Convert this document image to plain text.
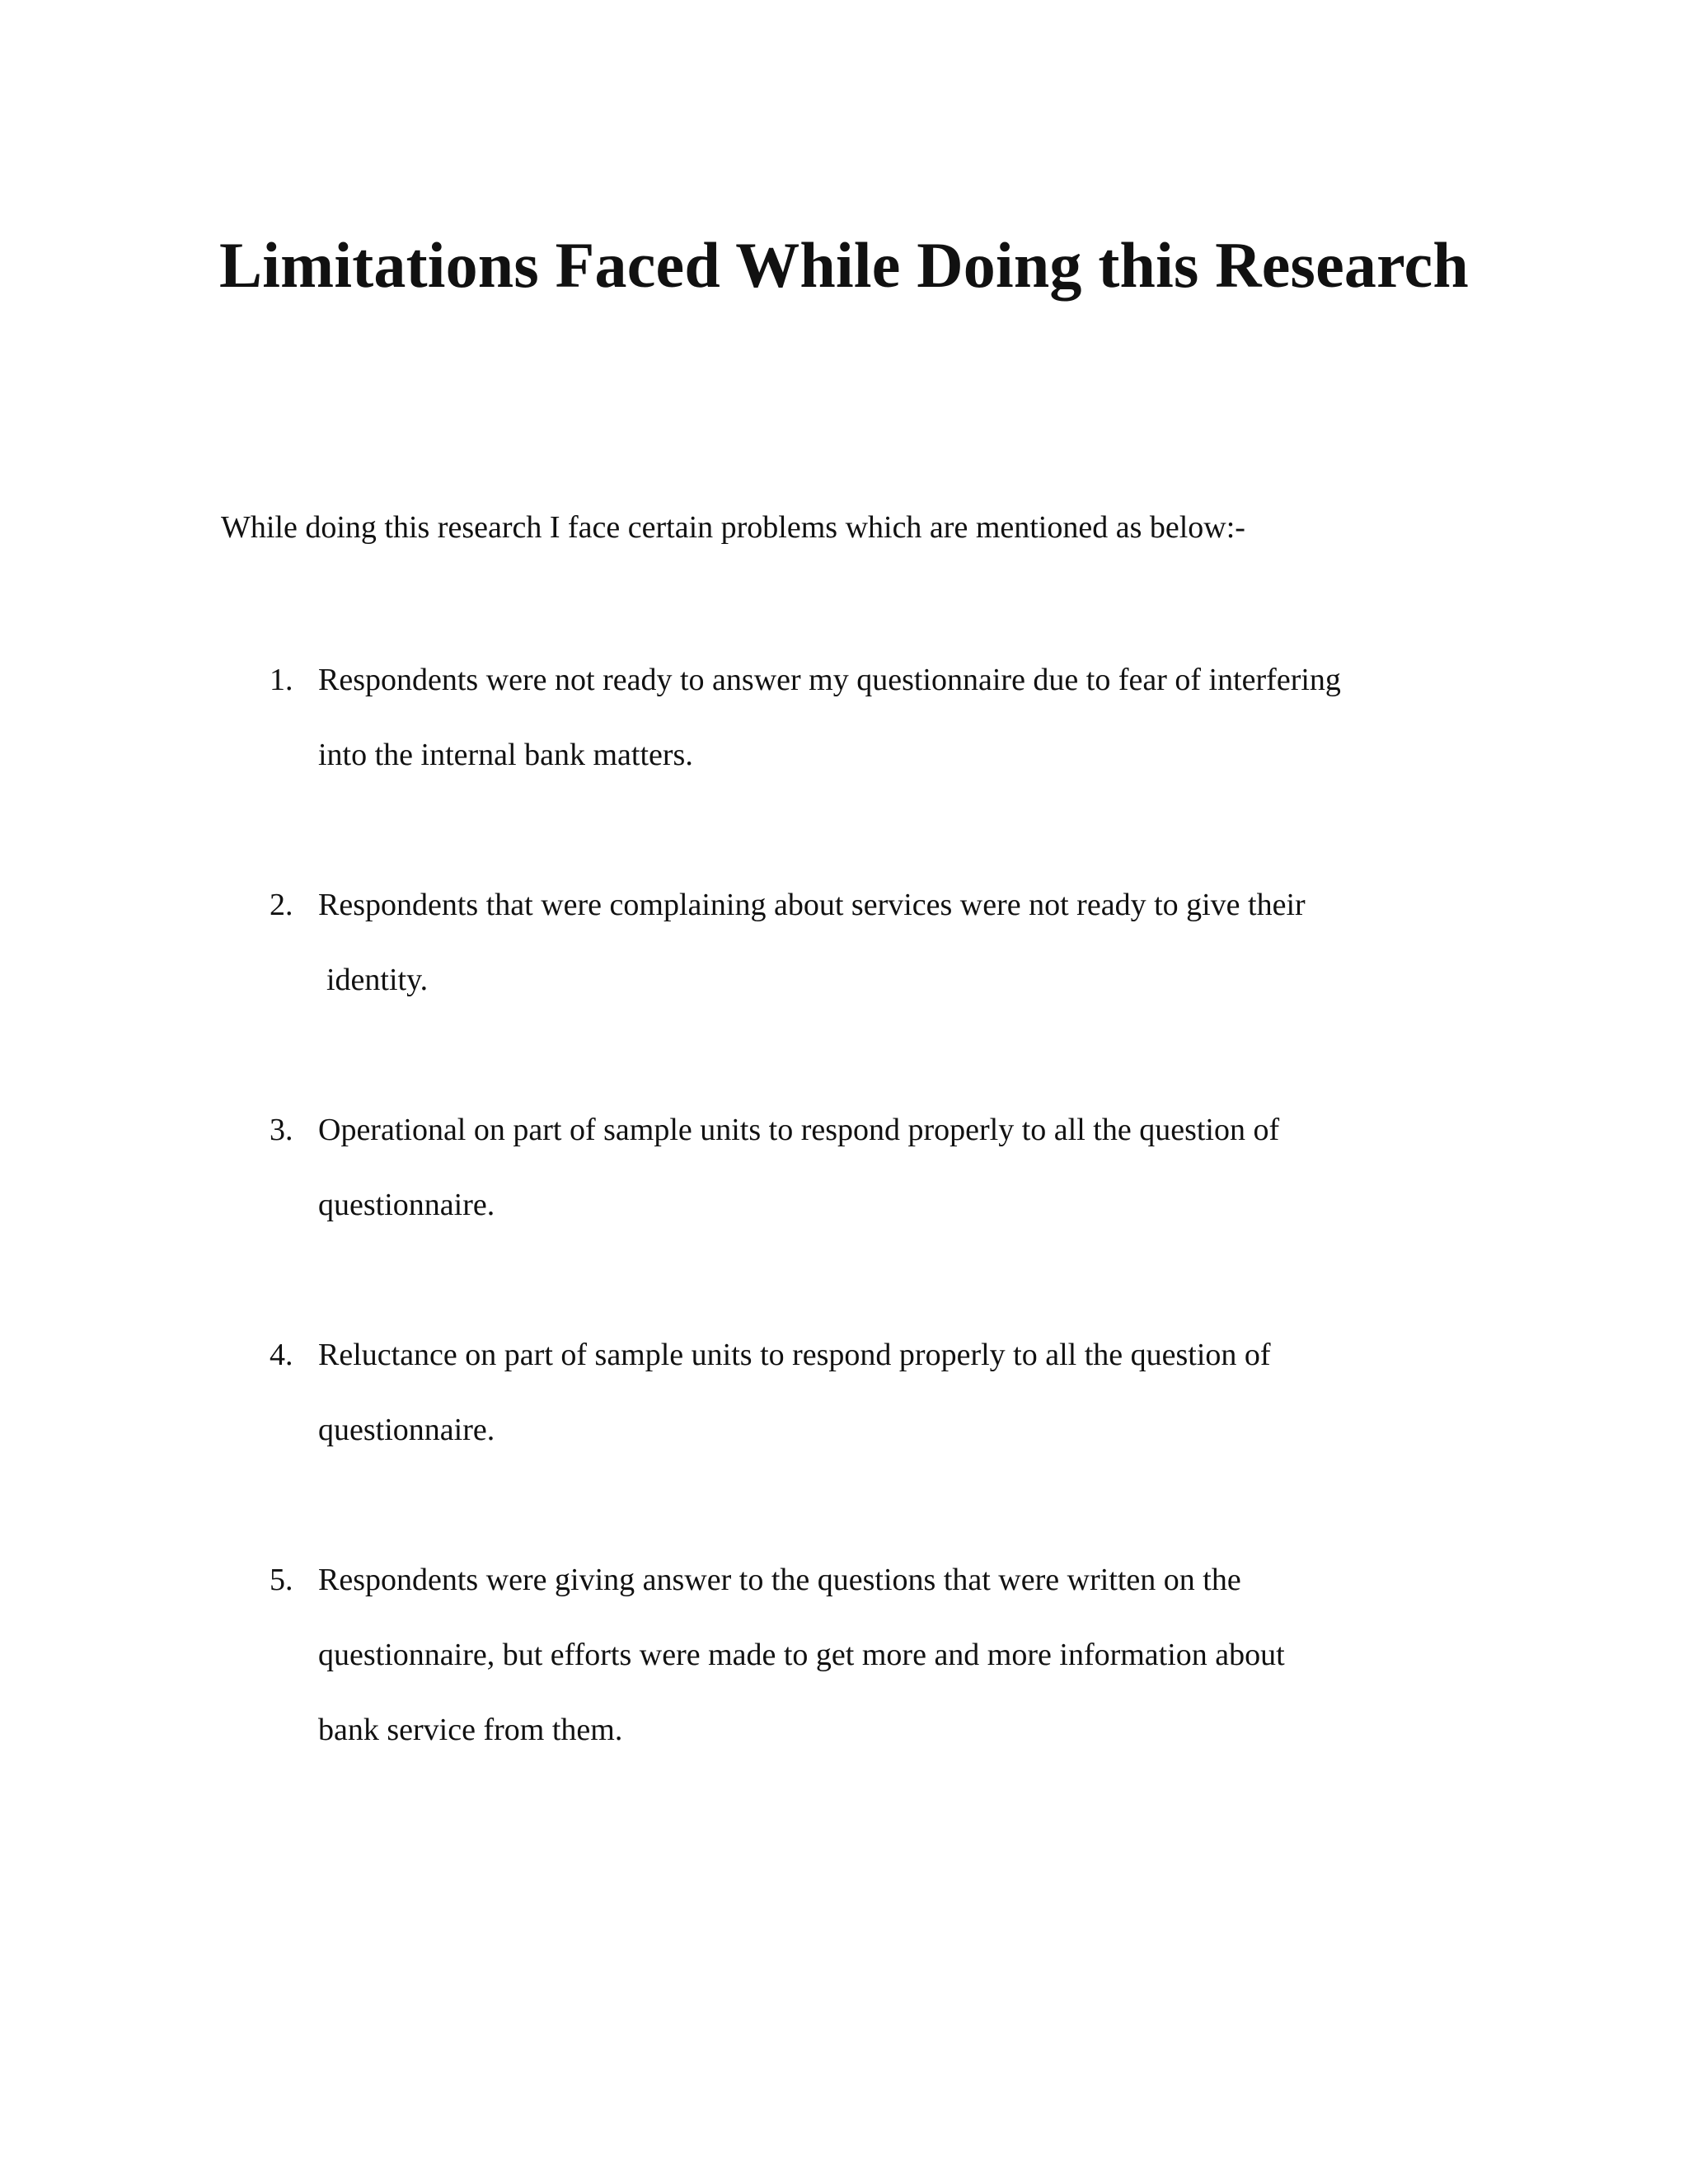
Limitations Faced While Doing this Research

While doing this research I face certain problems which are mentioned as below:-

1. Respondents were not ready to answer my questionnaire due to fear of interfering

into the internal bank matters.

2. Respondents that were complaining about services were not ready to give their

identity.

3. Operational on part of sample units to respond properly to all the question of

questionnaire.

4. Reluctance on part of sample units to respond properly to all the question of

questionnaire.

5. Respondents were giving answer to the questions that were written on the

questionnaire, but efforts were made to get more and more information about

bank service from them.
